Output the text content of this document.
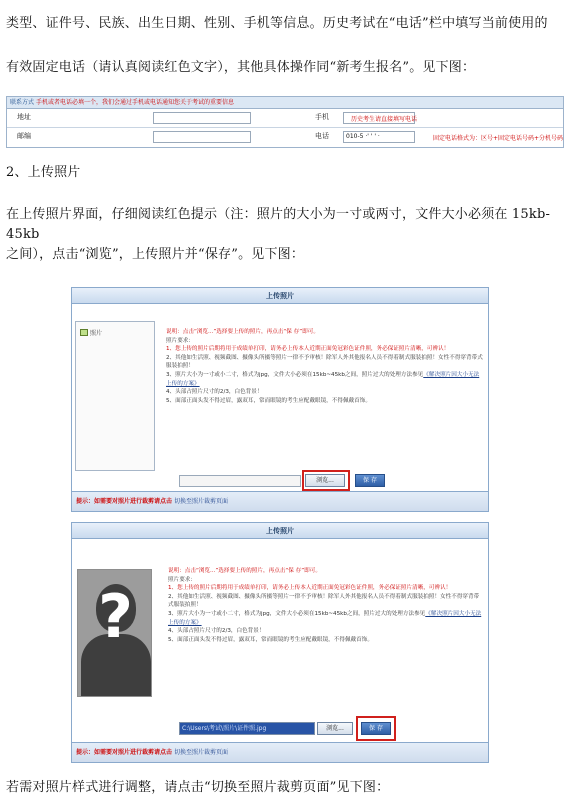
类型、证件号、民族、出生日期、性别、手机等信息。历史考试在“电话”栏中填写当前使用的
有效固定电话（请认真阅读红色文字），其他具体操作同“新考生报名”。见下图：
联系方式 手机或者电话必填一个，我们会通过手机或电话通知您关于考试的重要信息
地址	手机	历史考生请直接填写电话
邮编	电话	010-5 ·' ' ' ·	固定电话格式为：区号+固定电话号码+分机号码
2、上传照片
在上传照片界面，仔细阅读红色提示（注：照片的大小为一寸或两寸，文件大小必须在 15kb-45kb
之间），点击“浏览”，上传照片并“保存”。见下图：
上传照片
照片	说明：点击“浏览...”选择要上传的照片，再点击“保 存”即可。
照片要求：
1、您上传的照片后期将用于成绩单打印，请务必上传本人近期正面免冠彩色证件照，务必保证照片清晰，可辨认！
2、其他如生活照、视频截图、摄像头所摄等照片一律不予审核！除军人外其他报名人员不得着制式服装拍照！女性不得穿背带式服装拍照！
3、照片大小为一寸或小二寸，格式为jpg，文件大小必须在15kb~45kb之间，照片过大的处理方法参见《解决照片因大小无法上传的方案》
4、头部占照片尺寸的2/3，白色背景！
5、面部正面头发不得过眉，露双耳，常而眼镜的考生应配戴眼镜，不得佩戴首饰。
浏览...	保 存
提示：如需要对照片进行裁剪请点击 切换至照片裁剪页面
上传照片
?
说明：点击“浏览...”选择要上传的照片，再点击“保 存”即可。
照片要求：
1、您上传的照片后期将用于成绩单打印，请务必上传本人近期正面免冠彩色证件照，务必保证照片清晰，可辨认！
2、其他如生活照、视频截图、摄像头所摄等照片一律不予审核！除军人外其他报名人员不得着制式服装拍照！女性不得穿背带式服装拍照！
3、照片大小为一寸或小二寸，格式为jpg，文件大小必须在15kb~45kb之间，照片过大的处理方法参见《解决照片因大小无法上传的方案》
4、头部占照片尺寸的2/3，白色背景！
5、面部正面头发不得过眉，露双耳，常而眼镜的考生应配戴眼镜，不得佩戴首饰。
C:\Users\考试\照片\证件照.jpg	浏览...	保 存
提示：如需要对照片进行裁剪请点击 切换至照片裁剪页面
若需对照片样式进行调整，请点击“切换至照片裁剪页面”见下图：
